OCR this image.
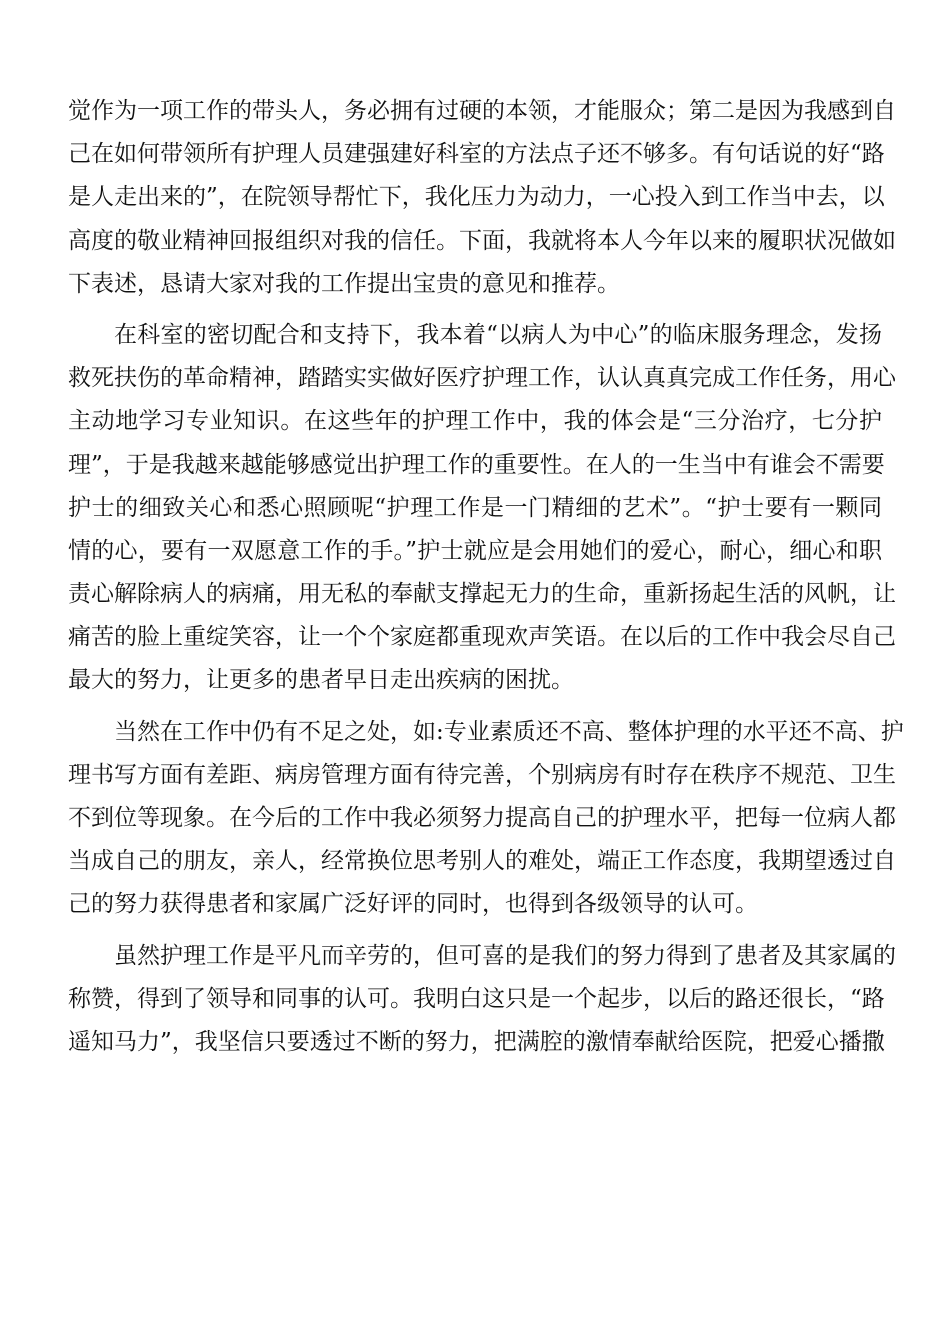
觉作为一项工作的带头人，务必拥有过硬的本领，才能服众；第二是因为我感到自
己在如何带领所有护理人员建强建好科室的方法点子还不够多。有句话说的好“路
是人走出来的”，在院领导帮忙下，我化压力为动力，一心投入到工作当中去，以
高度的敬业精神回报组织对我的信任。下面，我就将本人今年以来的履职状况做如
下表述，恳请大家对我的工作提出宝贵的意见和推荐。
在科室的密切配合和支持下，我本着“以病人为中心”的临床服务理念，发扬
救死扶伤的革命精神，踏踏实实做好医疗护理工作，认认真真完成工作任务，用心
主动地学习专业知识。在这些年的护理工作中，我的体会是“三分治疗，七分护
理”，于是我越来越能够感觉出护理工作的重要性。在人的一生当中有谁会不需要
护士的细致关心和悉心照顾呢“护理工作是一门精细的艺术”。“护士要有一颗同
情的心，要有一双愿意工作的手。”护士就应是会用她们的爱心，耐心，细心和职
责心解除病人的病痛，用无私的奉献支撑起无力的生命，重新扬起生活的风帆，让
痛苦的脸上重绽笑容，让一个个家庭都重现欢声笑语。在以后的工作中我会尽自己
最大的努力，让更多的患者早日走出疾病的困扰。
当然在工作中仍有不足之处，如:专业素质还不高、整体护理的水平还不高、护
理书写方面有差距、病房管理方面有待完善，个别病房有时存在秩序不规范、卫生
不到位等现象。在今后的工作中我必须努力提高自己的护理水平，把每一位病人都
当成自己的朋友，亲人，经常换位思考别人的难处，端正工作态度，我期望透过自
己的努力获得患者和家属广泛好评的同时，也得到各级领导的认可。
虽然护理工作是平凡而辛劳的，但可喜的是我们的努力得到了患者及其家属的
称赞，得到了领导和同事的认可。我明白这只是一个起步，以后的路还很长，“路
遥知马力”，我坚信只要透过不断的努力，把满腔的激情奉献给医院，把爱心播撒
